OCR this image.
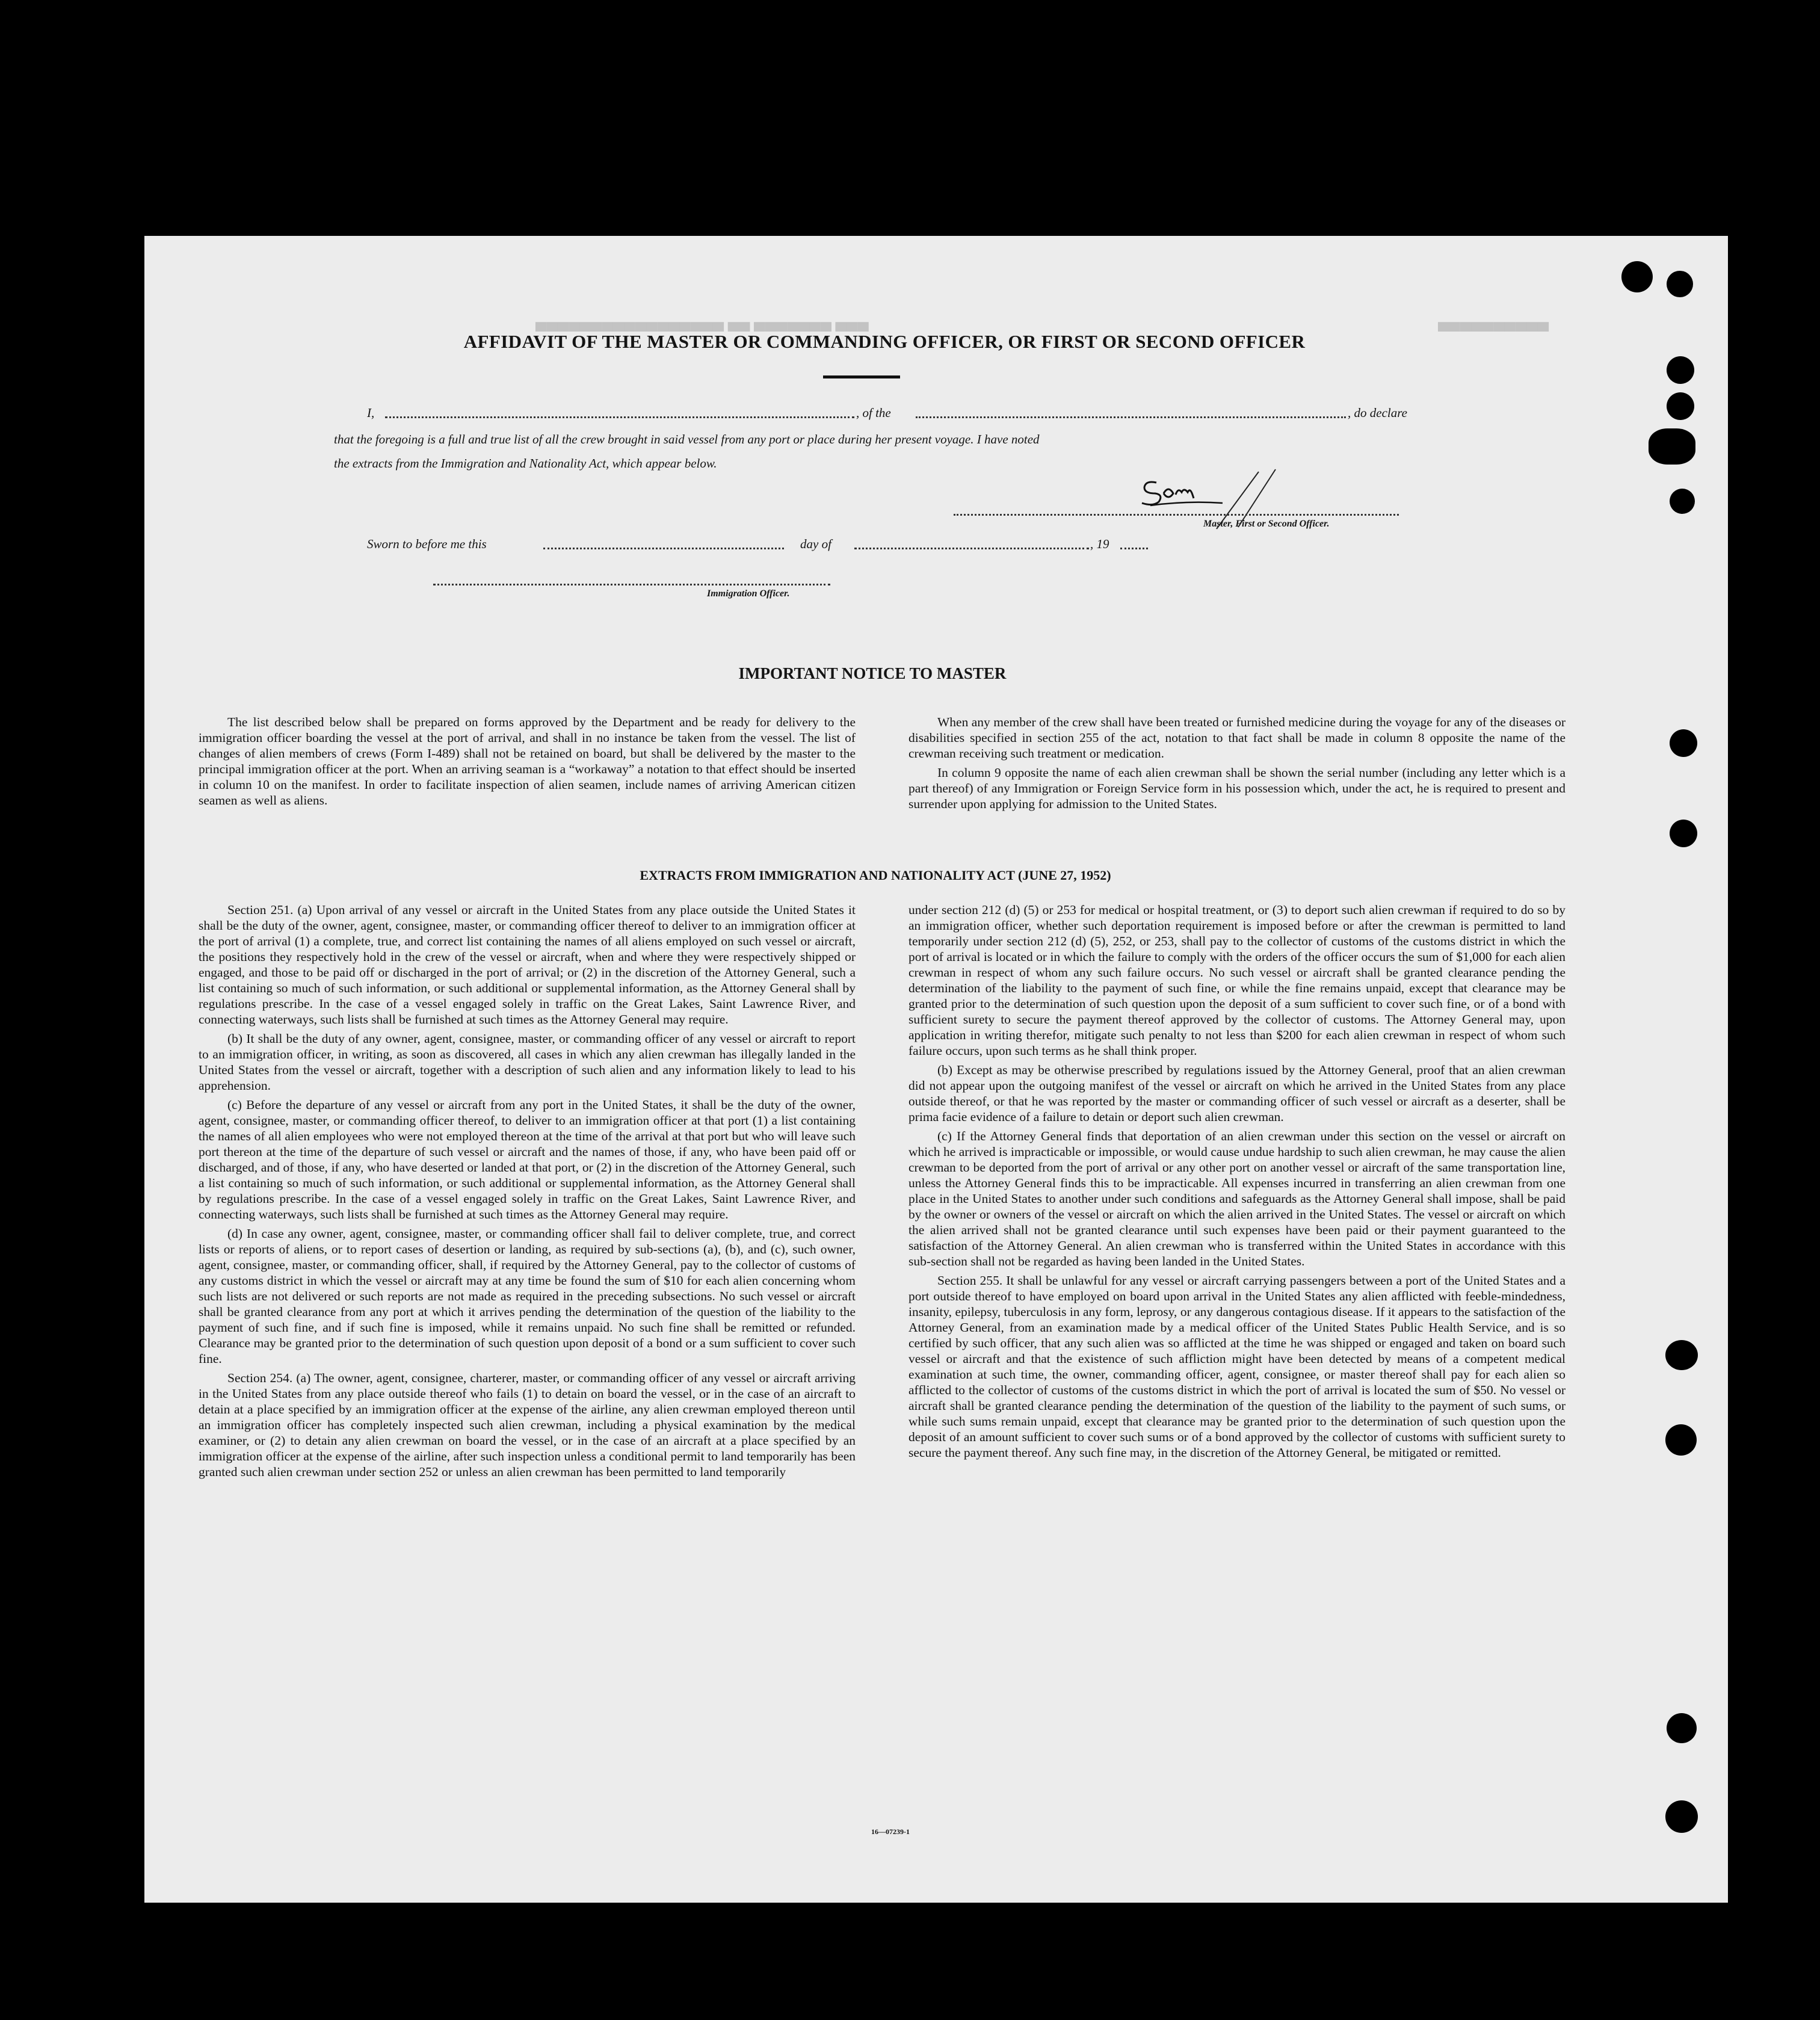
▄▄▄ ▄▄▄▄▄▄▄ ▄▄ ▄▄▄▄▄▄▄▄▄▄▄▄▄▄▄▄▄	▄▄▄▄▄▄▄▄▄▄
AFFIDAVIT OF THE MASTER OR COMMANDING OFFICER, OR FIRST OR SECOND OFFICER
I,	, of the	, do declare
that the foregoing is a full and true list of all the crew brought in said vessel from any port or place during her present voyage. I have noted
the extracts from the Immigration and Nationality Act, which appear below.
Master, First or Second Officer.
Sworn to before me this	day of	, 19
Immigration Officer.
IMPORTANT NOTICE TO MASTER

The list described below shall be prepared on forms approved by the Department and be ready for delivery to the immigration officer boarding the vessel at the port of arrival, and shall in no instance be taken from the vessel. The list of changes of alien members of crews (Form I-489) shall not be retained on board, but shall be delivered by the master to the principal immigration officer at the port. When an arriving seaman is a “workaway” a notation to that effect should be inserted in column 10 on the manifest. In order to facilitate inspection of alien seamen, include names of arriving American citizen seamen as well as aliens.

When any member of the crew shall have been treated or furnished medicine during the voyage for any of the diseases or disabilities specified in section 255 of the act, notation to that fact shall be made in column 8 opposite the name of the crewman receiving such treatment or medication.

In column 9 opposite the name of each alien crewman shall be shown the serial number (including any letter which is a part thereof) of any Immigration or Foreign Service form in his possession which, under the act, he is required to present and surrender upon applying for admission to the United States.

EXTRACTS FROM IMMIGRATION AND NATIONALITY ACT (JUNE 27, 1952)

Section 251. (a) Upon arrival of any vessel or aircraft in the United States from any place outside the United States it shall be the duty of the owner, agent, consignee, master, or commanding officer thereof to deliver to an immigration officer at the port of arrival (1) a complete, true, and correct list containing the names of all aliens employed on such vessel or aircraft, the positions they respectively hold in the crew of the vessel or aircraft, when and where they were respectively shipped or engaged, and those to be paid off or discharged in the port of arrival; or (2) in the discretion of the Attorney General, such a list containing so much of such information, or such additional or supplemental information, as the Attorney General shall by regulations prescribe. In the case of a vessel engaged solely in traffic on the Great Lakes, Saint Lawrence River, and connecting waterways, such lists shall be furnished at such times as the Attorney General may require.

(b) It shall be the duty of any owner, agent, consignee, master, or commanding officer of any vessel or aircraft to report to an immigration officer, in writing, as soon as discovered, all cases in which any alien crewman has illegally landed in the United States from the vessel or aircraft, together with a description of such alien and any information likely to lead to his apprehension.

(c) Before the departure of any vessel or aircraft from any port in the United States, it shall be the duty of the owner, agent, consignee, master, or commanding officer thereof, to deliver to an immigration officer at that port (1) a list containing the names of all alien employees who were not employed thereon at the time of the arrival at that port but who will leave such port thereon at the time of the departure of such vessel or aircraft and the names of those, if any, who have been paid off or discharged, and of those, if any, who have deserted or landed at that port, or (2) in the discretion of the Attorney General, such a list containing so much of such information, or such additional or supplemental information, as the Attorney General shall by regulations prescribe. In the case of a vessel engaged solely in traffic on the Great Lakes, Saint Lawrence River, and connecting waterways, such lists shall be furnished at such times as the Attorney General may require.

(d) In case any owner, agent, consignee, master, or commanding officer shall fail to deliver complete, true, and correct lists or reports of aliens, or to report cases of desertion or landing, as required by sub-sections (a), (b), and (c), such owner, agent, consignee, master, or commanding officer, shall, if required by the Attorney General, pay to the collector of customs of any customs district in which the vessel or aircraft may at any time be found the sum of $10 for each alien concerning whom such lists are not delivered or such reports are not made as required in the preceding subsections. No such vessel or aircraft shall be granted clearance from any port at which it arrives pending the determination of the question of the liability to the payment of such fine, and if such fine is imposed, while it remains unpaid. No such fine shall be remitted or refunded. Clearance may be granted prior to the determination of such question upon deposit of a bond or a sum sufficient to cover such fine.

Section 254. (a) The owner, agent, consignee, charterer, master, or commanding officer of any vessel or aircraft arriving in the United States from any place outside thereof who fails (1) to detain on board the vessel, or in the case of an aircraft to detain at a place specified by an immigration officer at the expense of the airline, any alien crewman employed thereon until an immigration officer has completely inspected such alien crewman, including a physical examination by the medical examiner, or (2) to detain any alien crewman on board the vessel, or in the case of an aircraft at a place specified by an immigration officer at the expense of the airline, after such inspection unless a conditional permit to land temporarily has been granted such alien crewman under section 252 or unless an alien crewman has been permitted to land temporarily

under section 212 (d) (5) or 253 for medical or hospital treatment, or (3) to deport such alien crewman if required to do so by an immigration officer, whether such deportation requirement is imposed before or after the crewman is permitted to land temporarily under section 212 (d) (5), 252, or 253, shall pay to the collector of customs of the customs district in which the port of arrival is located or in which the failure to comply with the orders of the officer occurs the sum of $1,000 for each alien crewman in respect of whom any such failure occurs. No such vessel or aircraft shall be granted clearance pending the determination of the liability to the payment of such fine, or while the fine remains unpaid, except that clearance may be granted prior to the determination of such question upon the deposit of a sum sufficient to cover such fine, or of a bond with sufficient surety to secure the payment thereof approved by the collector of customs. The Attorney General may, upon application in writing therefor, mitigate such penalty to not less than $200 for each alien crewman in respect of whom such failure occurs, upon such terms as he shall think proper.

(b) Except as may be otherwise prescribed by regulations issued by the Attorney General, proof that an alien crewman did not appear upon the outgoing manifest of the vessel or aircraft on which he arrived in the United States from any place outside thereof, or that he was reported by the master or commanding officer of such vessel or aircraft as a deserter, shall be prima facie evidence of a failure to detain or deport such alien crewman.

(c) If the Attorney General finds that deportation of an alien crewman under this section on the vessel or aircraft on which he arrived is impracticable or impossible, or would cause undue hardship to such alien crewman, he may cause the alien crewman to be deported from the port of arrival or any other port on another vessel or aircraft of the same transportation line, unless the Attorney General finds this to be impracticable. All expenses incurred in transferring an alien crewman from one place in the United States to another under such conditions and safeguards as the Attorney General shall impose, shall be paid by the owner or owners of the vessel or aircraft on which the alien arrived in the United States. The vessel or aircraft on which the alien arrived shall not be granted clearance until such expenses have been paid or their payment guaranteed to the satisfaction of the Attorney General. An alien crewman who is transferred within the United States in accordance with this sub-section shall not be regarded as having been landed in the United States.

Section 255. It shall be unlawful for any vessel or aircraft carrying passengers between a port of the United States and a port outside thereof to have employed on board upon arrival in the United States any alien afflicted with feeble-mindedness, insanity, epilepsy, tuberculosis in any form, leprosy, or any dangerous contagious disease. If it appears to the satisfaction of the Attorney General, from an examination made by a medical officer of the United States Public Health Service, and is so certified by such officer, that any such alien was so afflicted at the time he was shipped or engaged and taken on board such vessel or aircraft and that the existence of such affliction might have been detected by means of a competent medical examination at such time, the owner, commanding officer, agent, consignee, or master thereof shall pay for each alien so afflicted to the collector of customs of the customs district in which the port of arrival is located the sum of $50. No vessel or aircraft shall be granted clearance pending the determination of the question of the liability to the payment of such sums, or while such sums remain unpaid, except that clearance may be granted prior to the determination of such question upon the deposit of an amount sufficient to cover such sums or of a bond approved by the collector of customs with sufficient surety to secure the payment thereof. Any such fine may, in the discretion of the Attorney General, be mitigated or remitted.

16—07239-1
